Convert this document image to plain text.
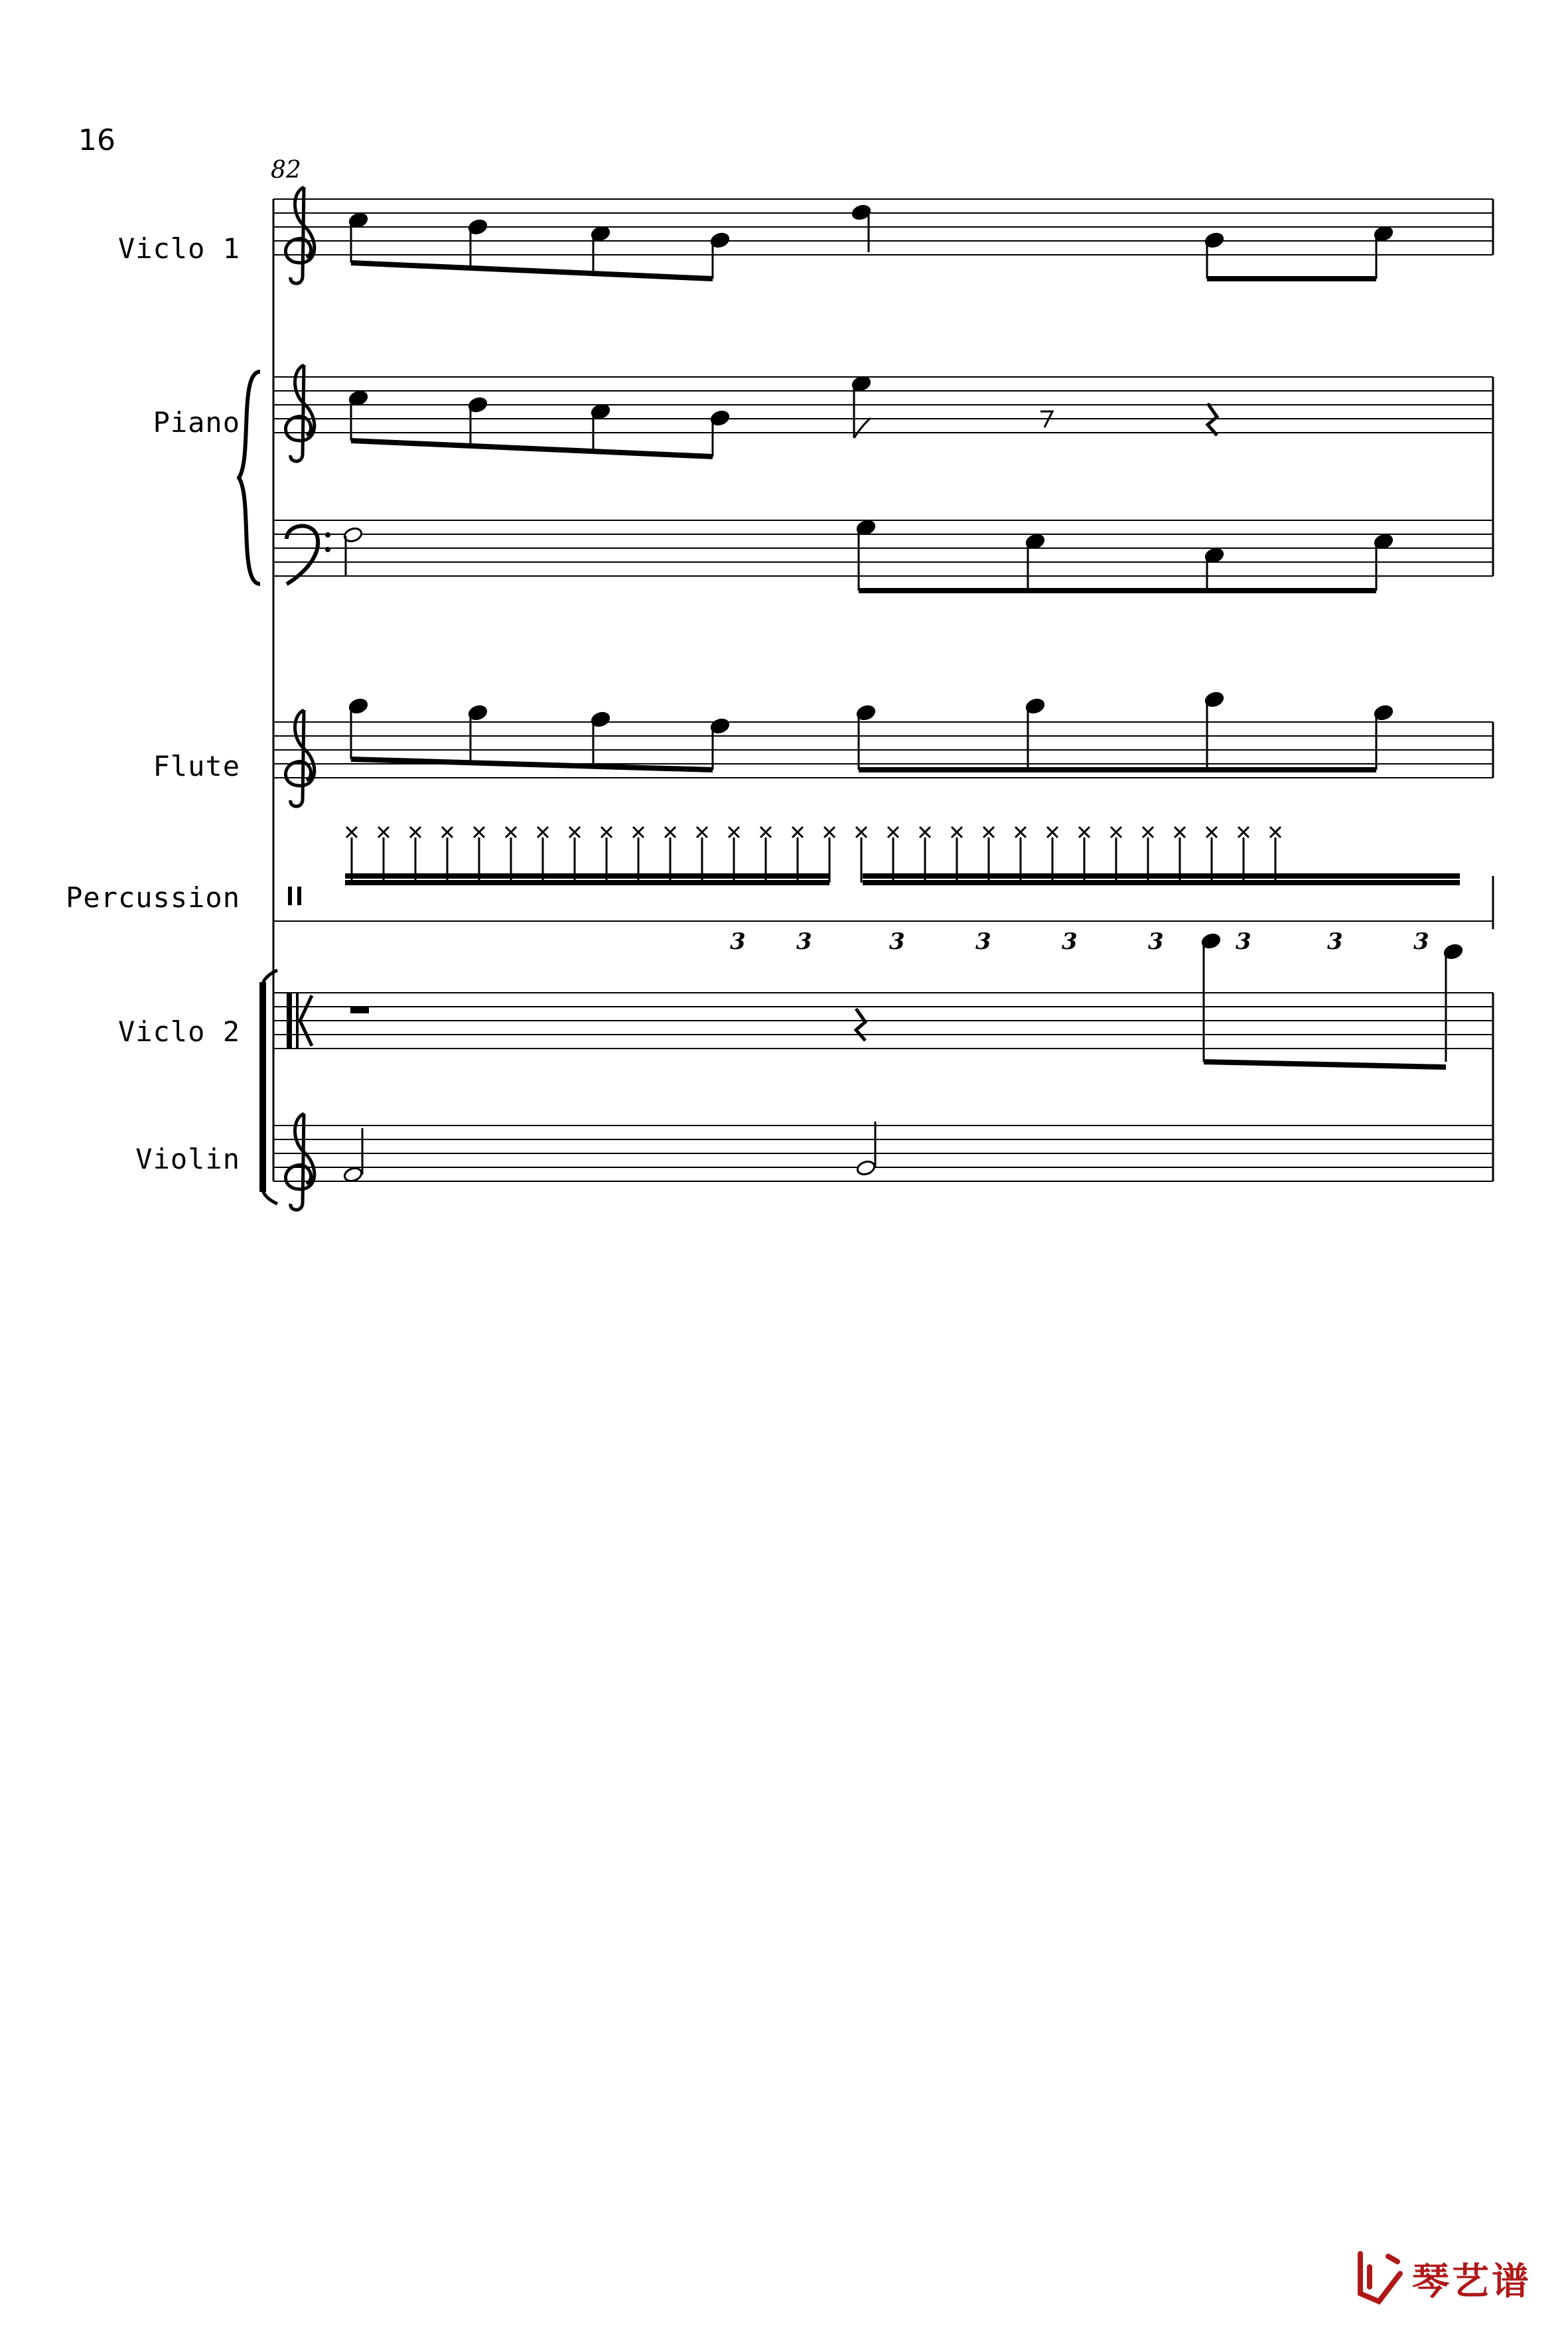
16
82
Viclo 1
Piano
Flute
Percussion
Viclo 2
Violin
3 3	3	3	3	3	3	3	3
琴艺谱
